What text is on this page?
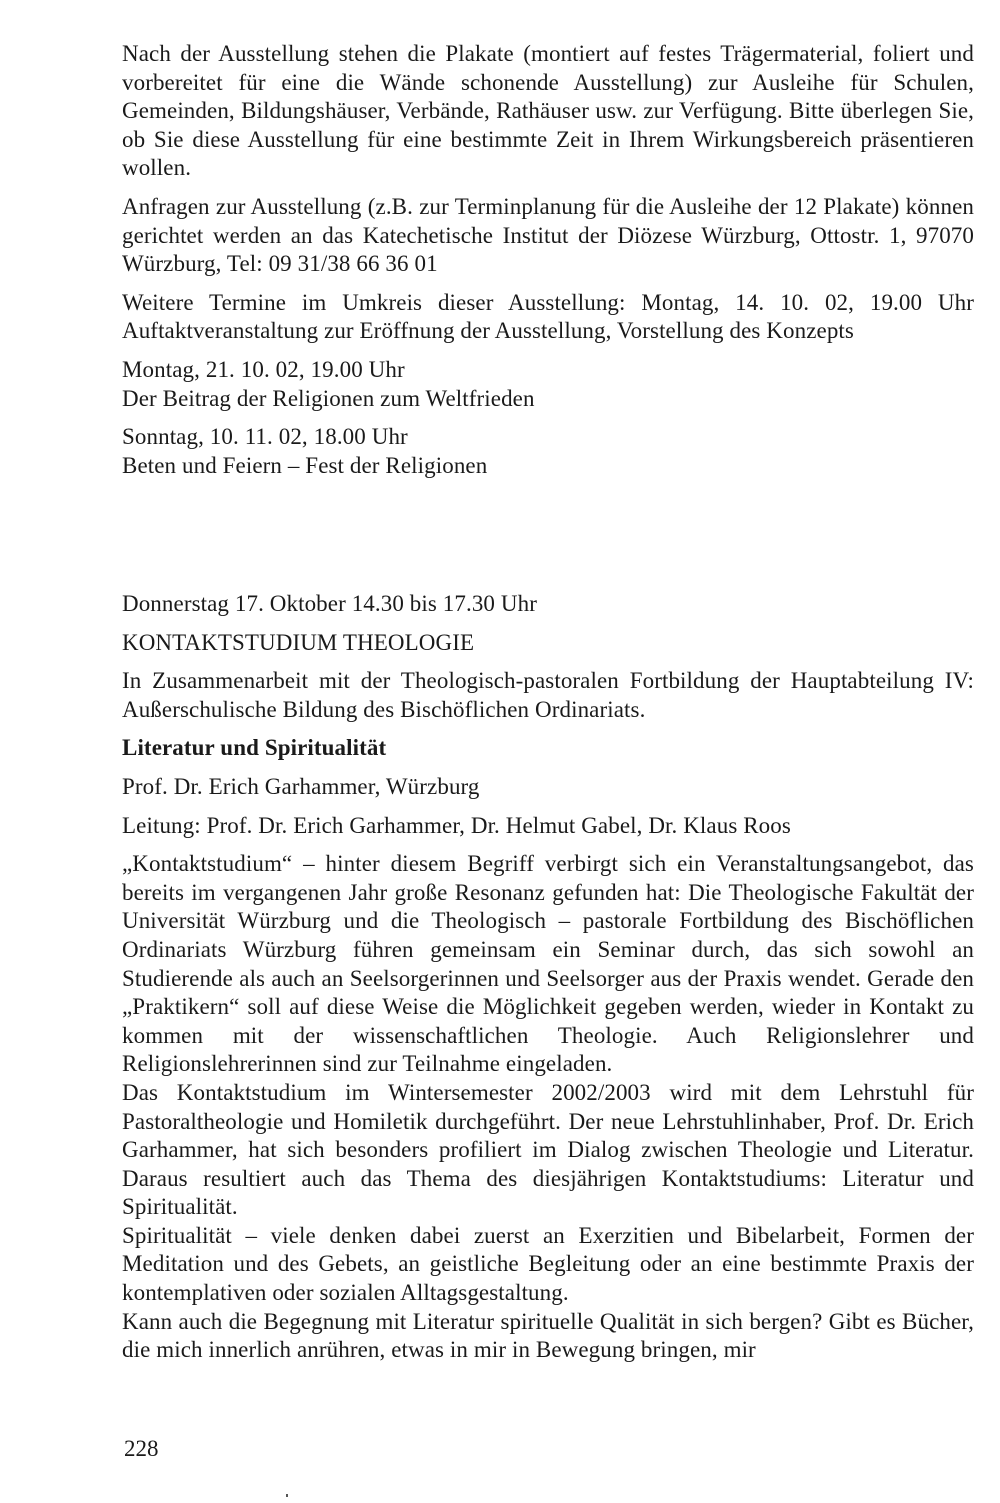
Nach der Ausstellung stehen die Plakate (montiert auf festes Trägermaterial, foliert und vorbereitet für eine die Wände schonende Ausstellung) zur Ausleihe für Schulen, Gemeinden, Bildungshäuser, Verbände, Rathäuser usw. zur Verfügung. Bitte überlegen Sie, ob Sie diese Ausstellung für eine bestimmte Zeit in Ihrem Wirkungsbereich präsentieren wollen.

Anfragen zur Ausstellung (z.B. zur Terminplanung für die Ausleihe der 12 Plakate) können gerichtet werden an das Katechetische Institut der Diözese Würzburg, Ottostr. 1, 97070 Würzburg, Tel: 09 31/38 66 36 01

Weitere Termine im Umkreis dieser Ausstellung: Montag, 14. 10. 02, 19.00 Uhr Auftaktveranstaltung zur Eröffnung der Ausstellung, Vorstellung des Konzepts

Montag, 21. 10. 02, 19.00 Uhr
Der Beitrag der Religionen zum Weltfrieden

Sonntag, 10. 11. 02, 18.00 Uhr
Beten und Feiern – Fest der Religionen

Donnerstag 17. Oktober 14.30 bis 17.30 Uhr

KONTAKTSTUDIUM THEOLOGIE

In Zusammenarbeit mit der Theologisch-pastoralen Fortbildung der Hauptabteilung IV: Außerschulische Bildung des Bischöflichen Ordinariats.

Literatur und Spiritualität

Prof. Dr. Erich Garhammer, Würzburg

Leitung: Prof. Dr. Erich Garhammer, Dr. Helmut Gabel, Dr. Klaus Roos

„Kontaktstudium“ – hinter diesem Begriff verbirgt sich ein Veranstaltungsangebot, das bereits im vergangenen Jahr große Resonanz gefunden hat: Die Theologische Fakultät der Universität Würzburg und die Theologisch – pastorale Fortbildung des Bischöflichen Ordinariats Würzburg führen gemeinsam ein Seminar durch, das sich sowohl an Studierende als auch an Seelsorgerinnen und Seelsorger aus der Praxis wendet. Gerade den „Praktikern“ soll auf diese Weise die Möglichkeit gegeben werden, wieder in Kontakt zu kommen mit der wissenschaftlichen Theologie. Auch Religionslehrer und Religionslehrerinnen sind zur Teilnahme eingeladen.

Das Kontaktstudium im Wintersemester 2002/2003 wird mit dem Lehrstuhl für Pastoraltheologie und Homiletik durchgeführt. Der neue Lehrstuhlinhaber, Prof. Dr. Erich Garhammer, hat sich besonders profiliert im Dialog zwischen Theologie und Literatur. Daraus resultiert auch das Thema des diesjährigen Kontaktstudiums: Literatur und Spiritualität.

Spiritualität – viele denken dabei zuerst an Exerzitien und Bibelarbeit, Formen der Meditation und des Gebets, an geistliche Begleitung oder an eine bestimmte Praxis der kontemplativen oder sozialen Alltagsgestaltung.

Kann auch die Begegnung mit Literatur spirituelle Qualität in sich bergen? Gibt es Bücher, die mich innerlich anrühren, etwas in mir in Bewegung bringen, mir

228
